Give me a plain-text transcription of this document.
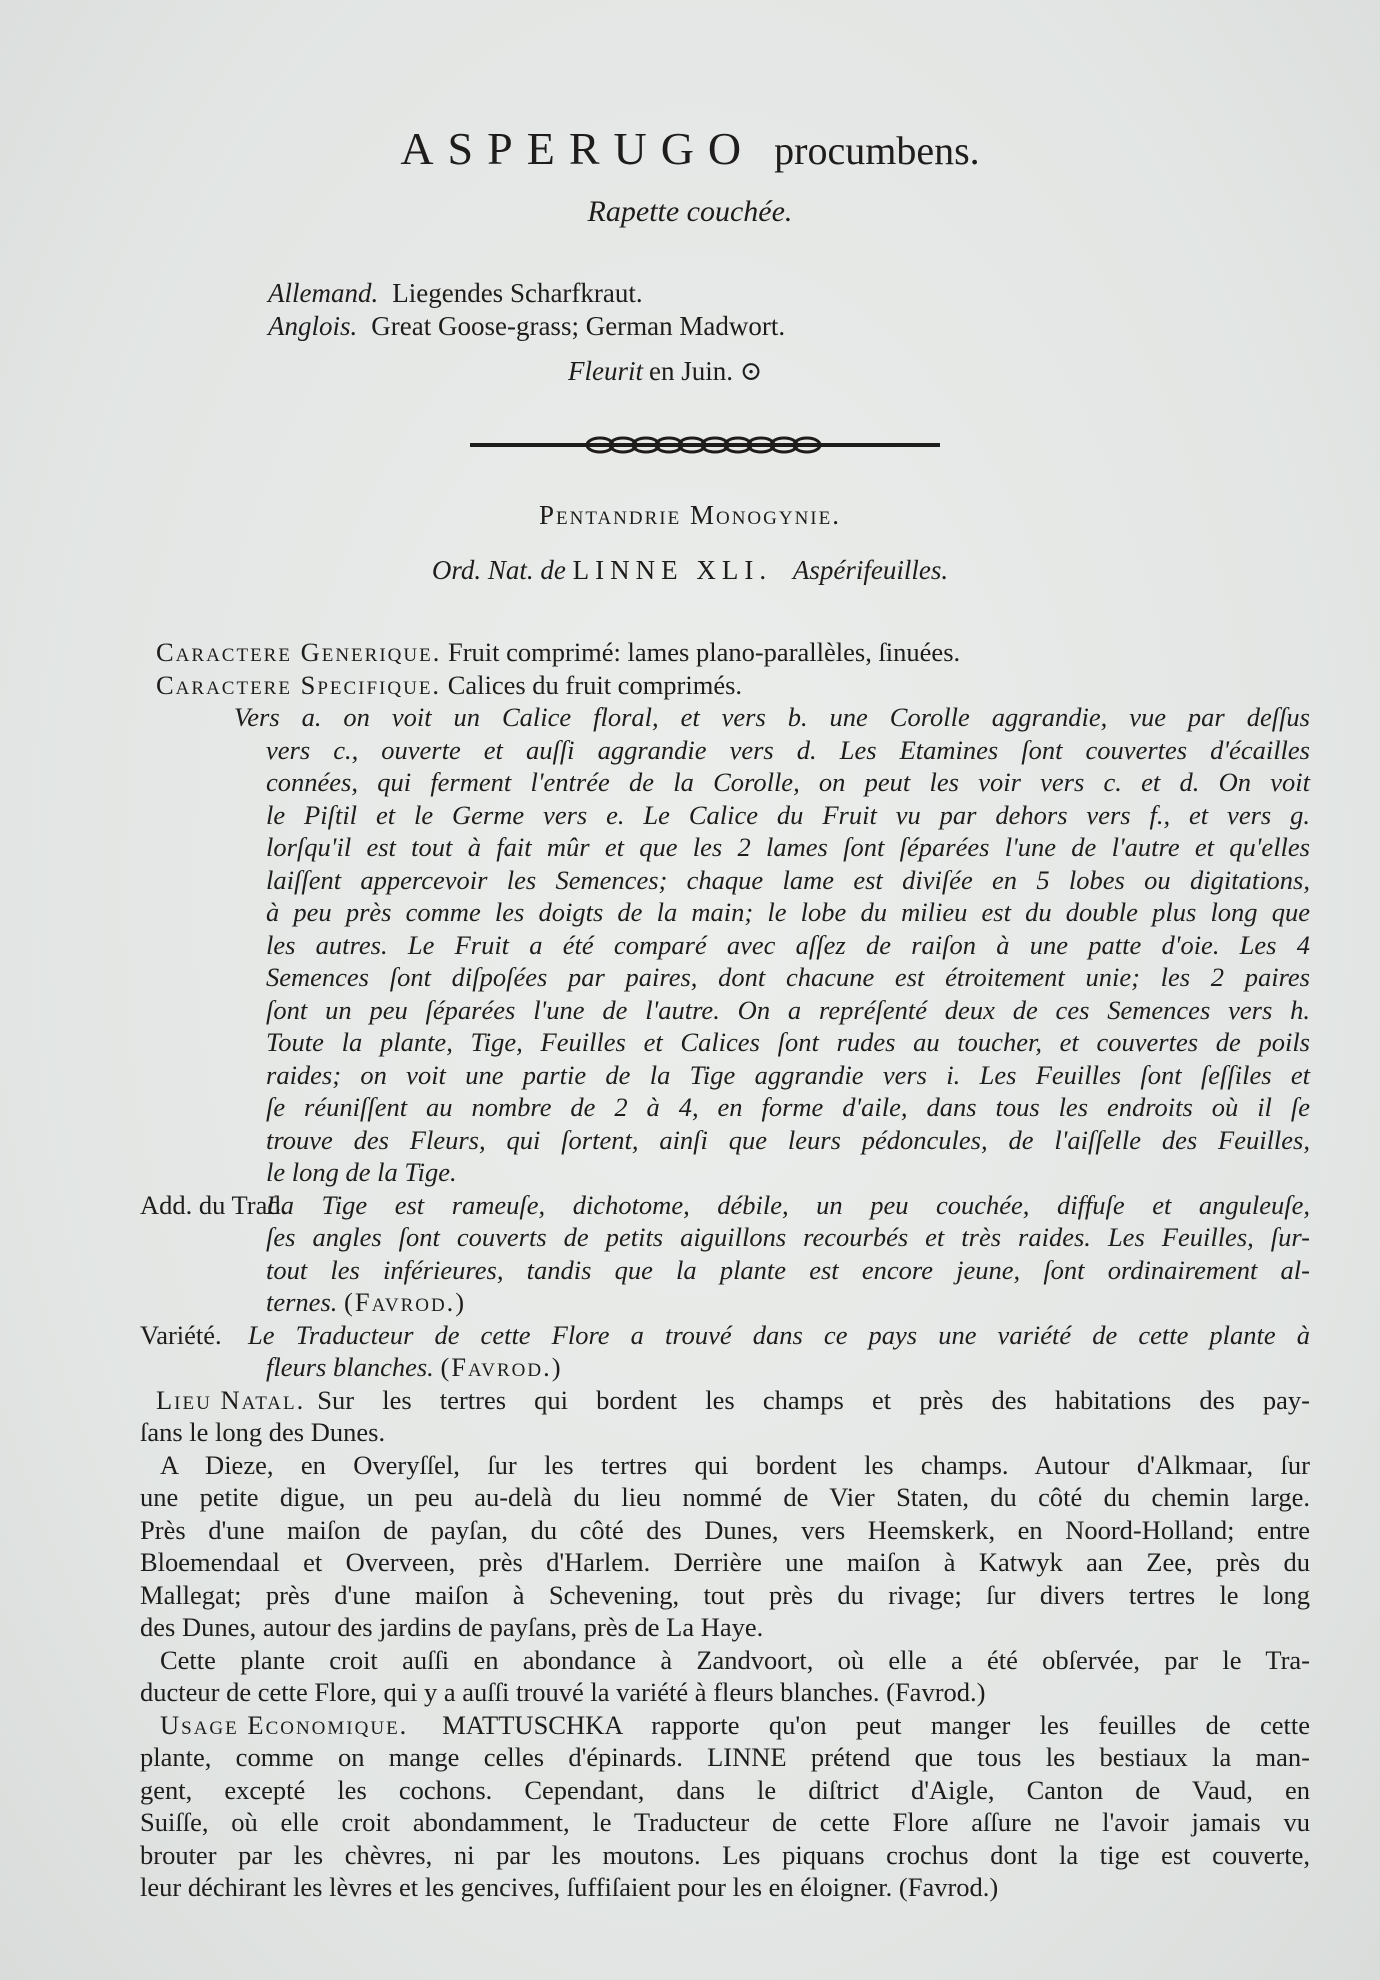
ASPERUGO procumbens.
Rapette couchée.
Allemand. Liegendes Scharfkraut.
Anglois. Great Goose-grass; German Madwort.
Fleurit en Juin. ⊙
Pentandrie Monogynie.
Ord. Nat. de LINNE XLI. Aspérifeuilles.
Caractere Generique. Fruit comprimé: lames plano-parallèles, ſinuées.
Caractere Specifique. Calices du fruit comprimés.
Vers a. on voit un Calice floral, et vers b. une Corolle aggrandie, vue par deſſus
vers c., ouverte et auſſi aggrandie vers d. Les Etamines ſont couvertes d'écailles
connées, qui ferment l'entrée de la Corolle, on peut les voir vers c. et d. On voit
le Piſtil et le Germe vers e. Le Calice du Fruit vu par dehors vers f., et vers g.
lorſqu'il est tout à fait mûr et que les 2 lames ſont ſéparées l'une de l'autre et qu'elles
laiſſent appercevoir les Semences; chaque lame est diviſée en 5 lobes ou digitations,
à peu près comme les doigts de la main; le lobe du milieu est du double plus long que
les autres. Le Fruit a été comparé avec aſſez de raiſon à une patte d'oie. Les 4
Semences ſont diſpoſées par paires, dont chacune est étroitement unie; les 2 paires
ſont un peu ſéparées l'une de l'autre. On a repréſenté deux de ces Semences vers h.
Toute la plante, Tige, Feuilles et Calices ſont rudes au toucher, et couvertes de poils
raides; on voit une partie de la Tige aggrandie vers i. Les Feuilles ſont ſeſſiles et
ſe réuniſſent au nombre de 2 à 4, en forme d'aile, dans tous les endroits où il ſe
trouve des Fleurs, qui ſortent, ainſi que leurs pédoncules, de l'aiſſelle des Feuilles,
le long de la Tige.
Add. du Trad.
La Tige est rameuſe, dichotome, débile, un peu couchée, diffuſe et anguleuſe,
ſes angles ſont couverts de petits aiguillons recourbés et très raides. Les Feuilles, ſur-
tout les inférieures, tandis que la plante est encore jeune, ſont ordinairement al-
ternes. (Favrod.)
Variété. Le Traducteur de cette Flore a trouvé dans ce pays une variété de cette plante à
fleurs blanches. (Favrod.)
Lieu Natal. Sur les tertres qui bordent les champs et près des habitations des pay-
ſans le long des Dunes.
A Dieze, en Overyſſel, ſur les tertres qui bordent les champs. Autour d'Alkmaar, ſur
une petite digue, un peu au-delà du lieu nommé de Vier Staten, du côté du chemin large.
Près d'une maiſon de payſan, du côté des Dunes, vers Heemskerk, en Noord-Holland; entre
Bloemendaal et Overveen, près d'Harlem. Derrière une maiſon à Katwyk aan Zee, près du
Mallegat; près d'une maiſon à Schevening, tout près du rivage; ſur divers tertres le long
des Dunes, autour des jardins de payſans, près de La Haye.
Cette plante croit auſſi en abondance à Zandvoort, où elle a été obſervée, par le Tra-
ducteur de cette Flore, qui y a auſſi trouvé la variété à fleurs blanches. (Favrod.)
Usage Economique.	MATTUSCHKA rapporte qu'on peut manger les feuilles de cette
plante, comme on mange celles d'épinards. LINNE prétend que tous les bestiaux la man-
gent, excepté les cochons. Cependant, dans le diſtrict d'Aigle, Canton de Vaud, en
Suiſſe, où elle croit abondamment, le Traducteur de cette Flore aſſure ne l'avoir jamais vu
brouter par les chèvres, ni par les moutons. Les piquans crochus dont la tige est couverte,
leur déchirant les lèvres et les gencives, ſuffiſaient pour les en éloigner. (Favrod.)
